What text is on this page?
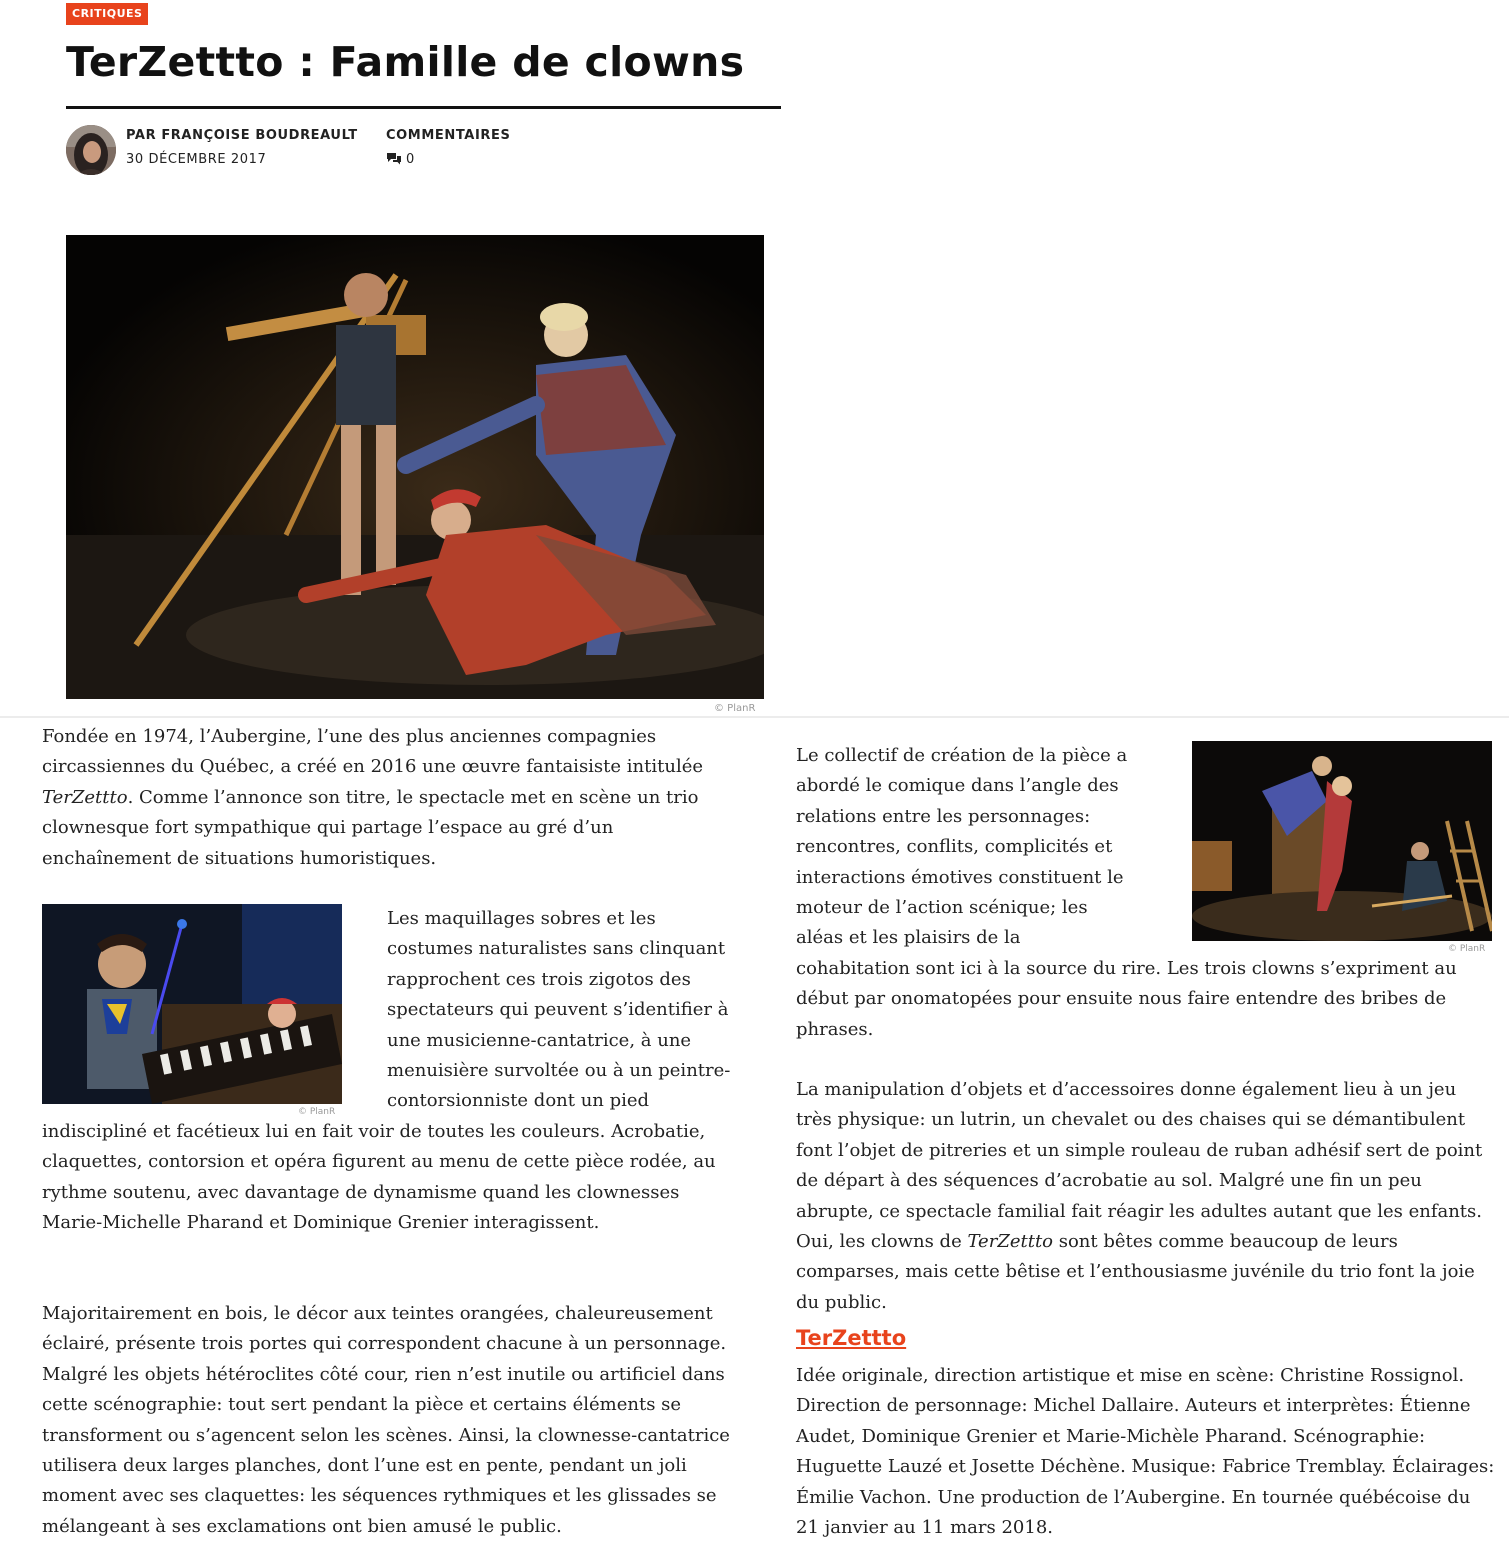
CRITIQUES
TerZettto : Famille de clowns
PAR FRANÇOISE BOUDREAULT
30 DÉCEMBRE 2017
COMMENTAIRES
0
© PlanR

Fondée en 1974, l’Aubergine, l’une des plus anciennes compagnies circassiennes du Québec, a créé en 2016 une œuvre fantaisiste intitulée TerZettto. Comme l’annonce son titre, le spectacle met en scène un trio clownesque fort sympathique qui partage l’espace au gré d’un enchaînement de situations humoristiques.

Les maquillages sobres et les costumes naturalistes sans clinquant rapprochent ces trois zigotos des spectateurs qui peuvent s’identifier à une musicienne-cantatrice, à une menuisière survoltée ou à un peintre-contorsionniste dont un pied indiscipliné et facétieux lui en fait voir de toutes les couleurs. Acrobatie, claquettes, contorsion et opéra figurent au menu de cette pièce rodée, au rythme soutenu, avec davantage de dynamisme quand les clownesses Marie-Michelle Pharand et Dominique Grenier interagissent.

© PlanR

Majoritairement en bois, le décor aux teintes orangées, chaleureusement éclairé, présente trois portes qui correspondent chacune à un personnage. Malgré les objets hétéroclites côté cour, rien n’est inutile ou artificiel dans cette scénographie: tout sert pendant la pièce et certains éléments se transforment ou s’agencent selon les scènes. Ainsi, la clownesse-cantatrice utilisera deux larges planches, dont l’une est en pente, pendant un joli moment avec ses claquettes: les séquences rythmiques et les glissades se mélangeant à ses exclamations ont bien amusé le public.

Le collectif de création de la pièce a abordé le comique dans l’angle des relations entre les personnages: rencontres, conflits, complicités et interactions émotives constituent le moteur de l’action scénique; les aléas et les plaisirs de la cohabitation sont ici à la source du rire. Les trois clowns s’expriment au début par onomatopées pour ensuite nous faire entendre des bribes de phrases.

© PlanR

La manipulation d’objets et d’accessoires donne également lieu à un jeu très physique: un lutrin, un chevalet ou des chaises qui se démantibulent font l’objet de pitreries et un simple rouleau de ruban adhésif sert de point de départ à des séquences d’acrobatie au sol. Malgré une fin un peu abrupte, ce spectacle familial fait réagir les adultes autant que les enfants. Oui, les clowns de TerZettto sont bêtes comme beaucoup de leurs comparses, mais cette bêtise et l’enthousiasme juvénile du trio font la joie du public.

TerZettto

Idée originale, direction artistique et mise en scène: Christine Rossignol. Direction de personnage: Michel Dallaire. Auteurs et interprètes: Étienne Audet, Dominique Grenier et Marie-Michèle Pharand. Scénographie: Huguette Lauzé et Josette Déchène. Musique: Fabrice Tremblay. Éclairages: Émilie Vachon. Une production de l’Aubergine. En tournée québécoise du 21 janvier au 11 mars 2018.
